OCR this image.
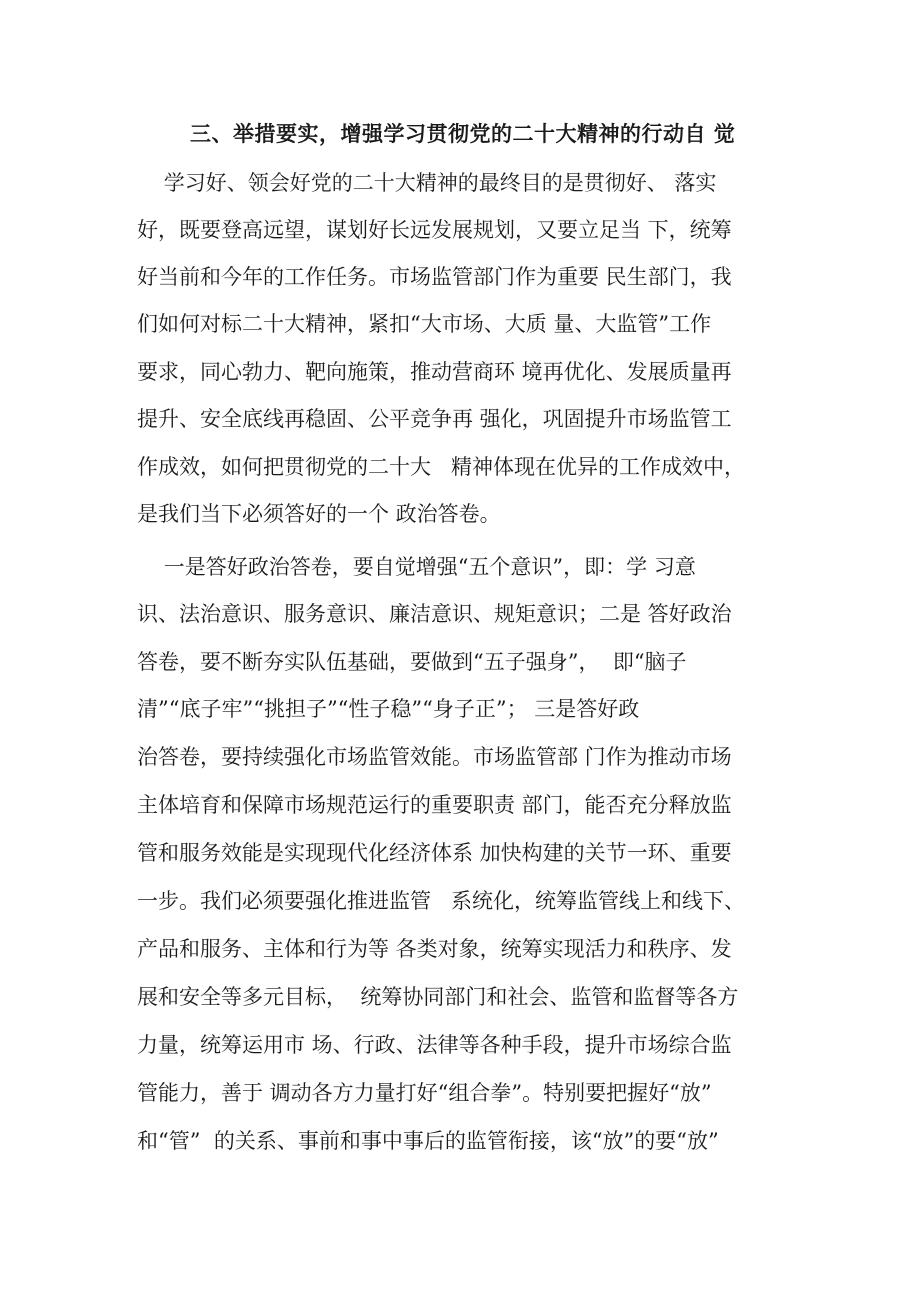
三、举措要实，增强学习贯彻党的二十大精神的行动自 觉

学习好、领会好党的二十大精神的最终目的是贯彻好、 落实

好，既要登高远望，谋划好长远发展规划，又要立足当 下，统筹

好当前和今年的工作任务。市场监管部门作为重要 民生部门，我

们如何对标二十大精神，紧扣“大市场、大质 量、大监管”工作

要求，同心勃力、靶向施策，推动营商环 境再优化、发展质量再

提升、安全底线再稳固、公平竞争再 强化，巩固提升市场监管工

作成效，如何把贯彻党的二十大   精神体现在优异的工作成效中，

是我们当下必须答好的一个 政治答卷。

一是答好政治答卷，要自觉增强“五个意识”，即：学 习意

识、法治意识、服务意识、廉洁意识、规矩意识；二是 答好政治

答卷，要不断夯实队伍基础，要做到“五子强身”，  即“脑子

清”“底子牢”“挑担子”“性子稳”“身子正”； 三是答好政

治答卷，要持续强化市场监管效能。市场监管部 门作为推动市场

主体培育和保障市场规范运行的重要职责 部门，能否充分释放监

管和服务效能是实现现代化经济体系 加快构建的关节一环、重要

一步。我们必须要强化推进监管   系统化，统筹监管线上和线下、

产品和服务、主体和行为等 各类对象，统筹实现活力和秩序、发

展和安全等多元目标，  统筹协同部门和社会、监管和监督等各方

力量，统筹运用市 场、行政、法律等各种手段，提升市场综合监

管能力，善于 调动各方力量打好“组合拳”。特别要把握好“放”

和“管”  的关系、事前和事中事后的监管衔接，该“放”的要“放”
